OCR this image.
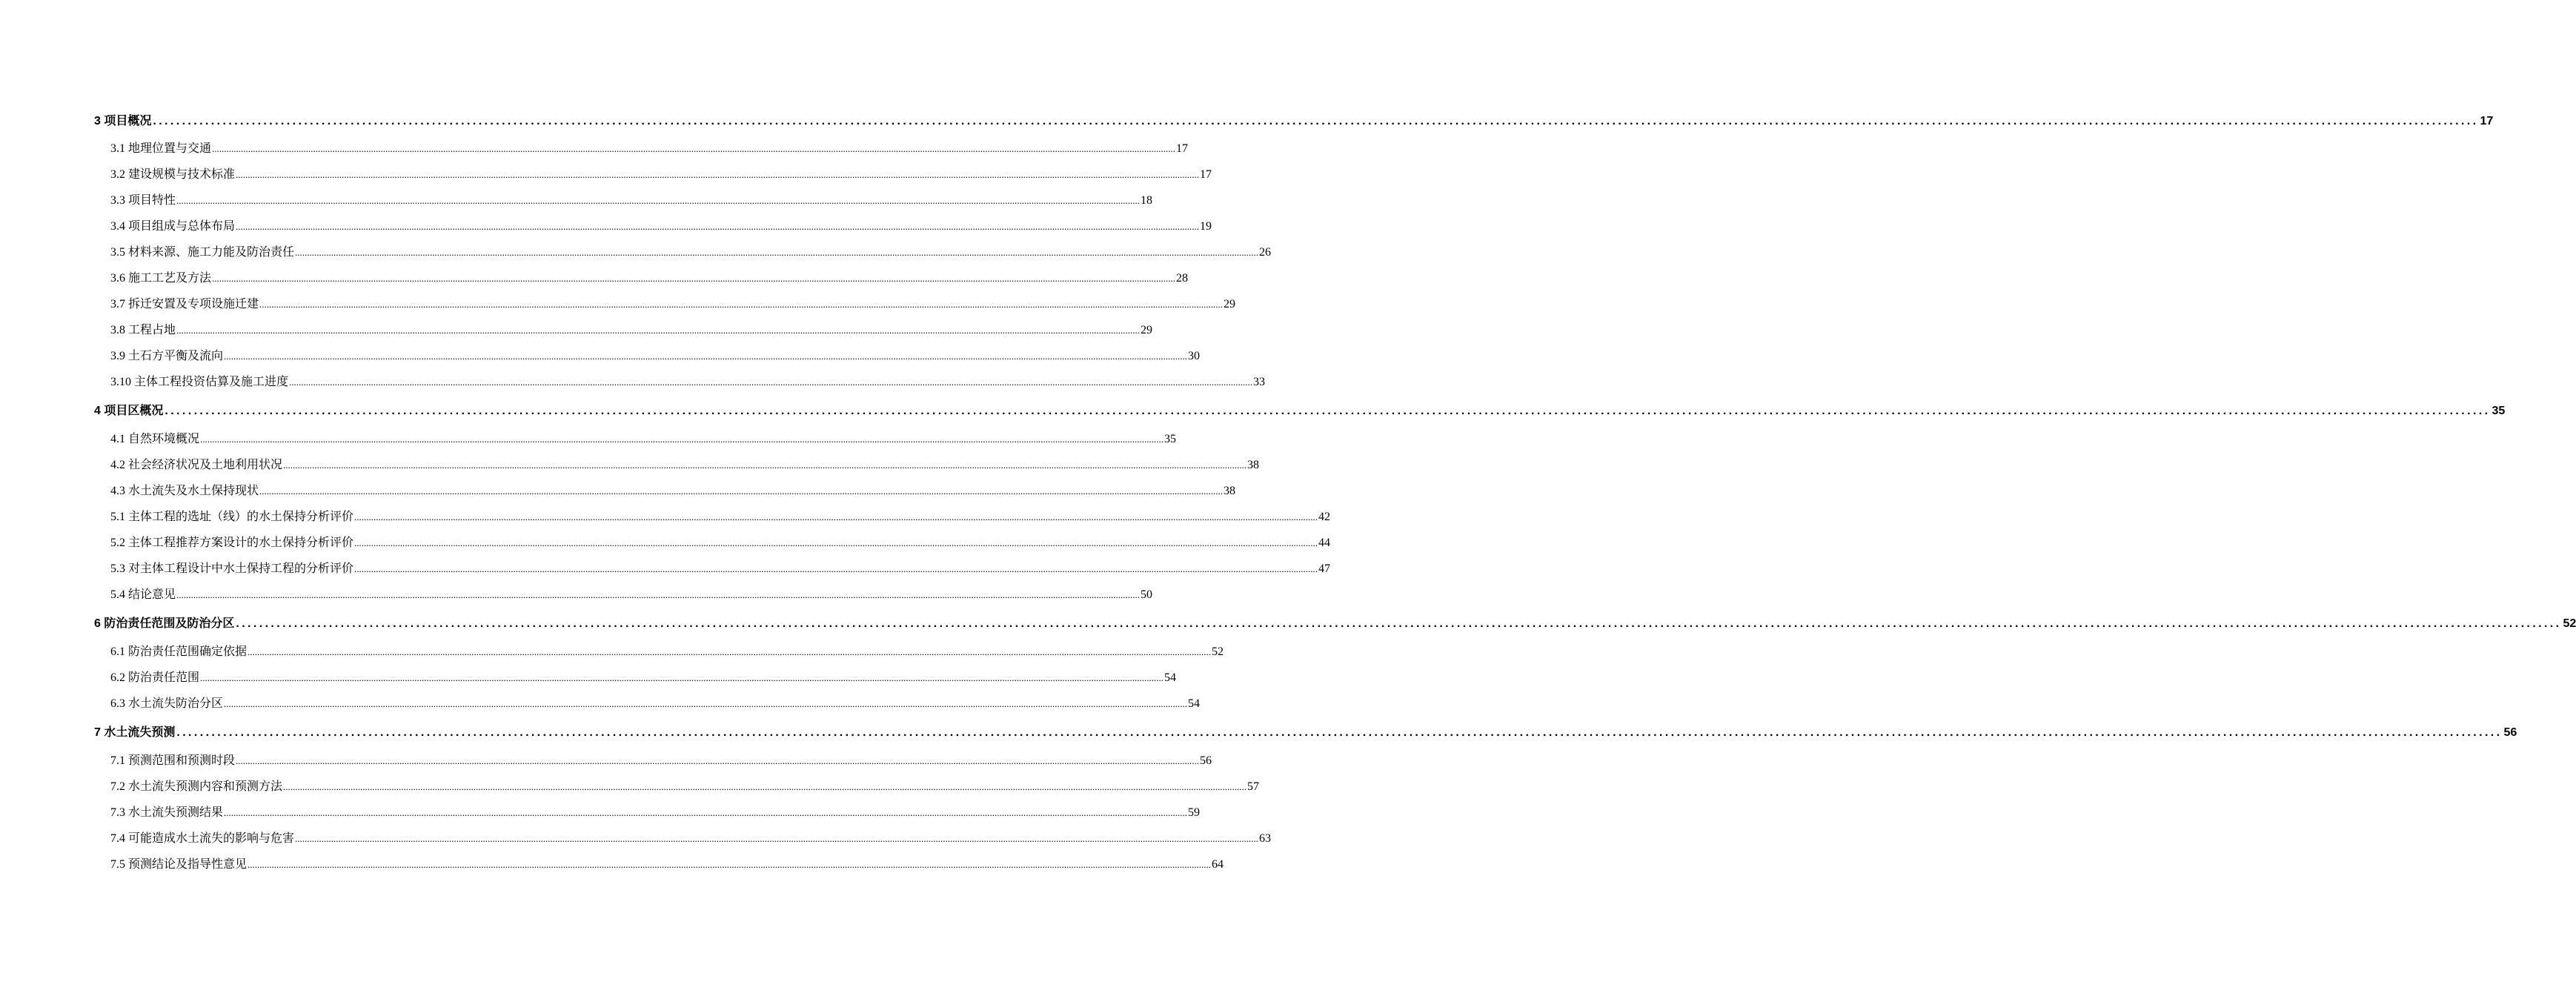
3 项目概况 ................................................................................................................................................................................................................................................................................................................................................................................................................ 17
3.1 地理位置与交通 ................................................................................................................................................................................................................................................................................................................................................................................................................ 17
3.2 建设规模与技术标准 ................................................................................................................................................................................................................................................................................................................................................................................................................ 17
3.3 项目特性 ................................................................................................................................................................................................................................................................................................................................................................................................................ 18
3.4 项目组成与总体布局 ................................................................................................................................................................................................................................................................................................................................................................................................................ 19
3.5 材料来源、施工力能及防治责任 ................................................................................................................................................................................................................................................................................................................................................................................................................ 26
3.6 施工工艺及方法 ................................................................................................................................................................................................................................................................................................................................................................................................................ 28
3.7 拆迁安置及专项设施迁建 ................................................................................................................................................................................................................................................................................................................................................................................................................ 29
3.8 工程占地 ................................................................................................................................................................................................................................................................................................................................................................................................................ 29
3.9 土石方平衡及流向 ................................................................................................................................................................................................................................................................................................................................................................................................................ 30
3.10 主体工程投资估算及施工进度 ................................................................................................................................................................................................................................................................................................................................................................................................................ 33
4 项目区概况 ................................................................................................................................................................................................................................................................................................................................................................................................................ 35
4.1 自然环境概况 ................................................................................................................................................................................................................................................................................................................................................................................................................ 35
4.2 社会经济状况及土地利用状况 ................................................................................................................................................................................................................................................................................................................................................................................................................ 38
4.3 水土流失及水土保持现状 ................................................................................................................................................................................................................................................................................................................................................................................................................ 38
5.1 主体工程的选址（线）的水土保持分析评价 ................................................................................................................................................................................................................................................................................................................................................................................................................ 42
5.2 主体工程推荐方案设计的水土保持分析评价 ................................................................................................................................................................................................................................................................................................................................................................................................................ 44
5.3 对主体工程设计中水土保持工程的分析评价 ................................................................................................................................................................................................................................................................................................................................................................................................................ 47
5.4 结论意见 ................................................................................................................................................................................................................................................................................................................................................................................................................ 50
6 防治责任范围及防治分区 ................................................................................................................................................................................................................................................................................................................................................................................................................ 52
6.1 防治责任范围确定依据 ................................................................................................................................................................................................................................................................................................................................................................................................................ 52
6.2 防治责任范围 ................................................................................................................................................................................................................................................................................................................................................................................................................ 54
6.3 水土流失防治分区 ................................................................................................................................................................................................................................................................................................................................................................................................................ 54
7 水土流失预测 ................................................................................................................................................................................................................................................................................................................................................................................................................ 56
7.1 预测范围和预测时段 ................................................................................................................................................................................................................................................................................................................................................................................................................ 56
7.2 水土流失预测内容和预测方法 ................................................................................................................................................................................................................................................................................................................................................................................................................ 57
7.3 水土流失预测结果 ................................................................................................................................................................................................................................................................................................................................................................................................................ 59
7.4 可能造成水土流失的影响与危害 ................................................................................................................................................................................................................................................................................................................................................................................................................ 63
7.5 预测结论及指导性意见 ................................................................................................................................................................................................................................................................................................................................................................................................................ 64
